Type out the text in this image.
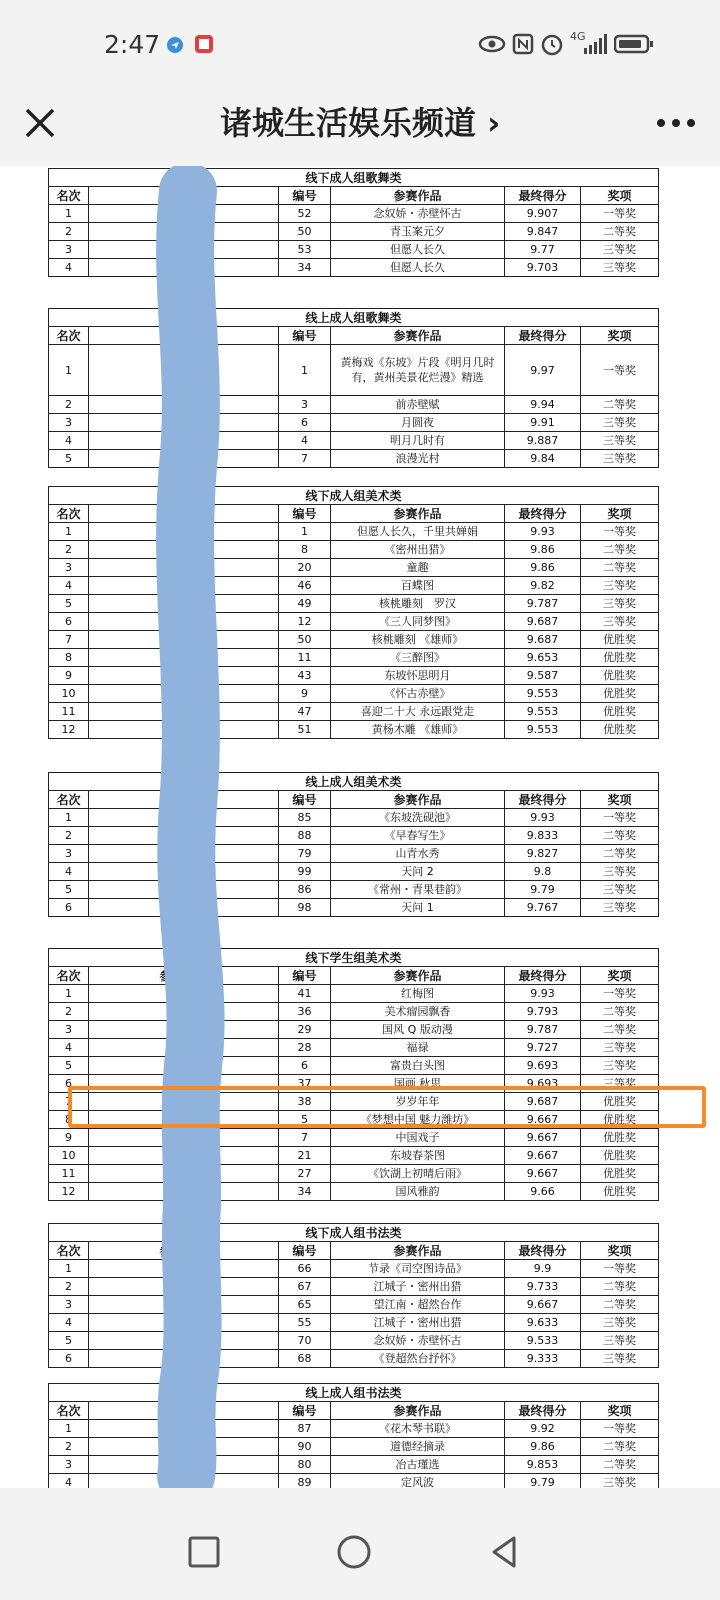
2:47	4G
诸城生活娱乐频道 ›
线下成人组歌舞类					
名次	参赛姓名	编号	参赛作品	最终得分	奖项
1		52	念奴娇・赤壁怀古	9.907	一等奖
2	苏	50	青玉案元夕	9.847	二等奖
3	王	53	但愿人长久	9.77	三等奖
4	旗	34	但愿人长久	9.703	三等奖
线上成人组歌舞类					
名次	参赛姓名	编号	参赛作品	最终得分	奖项
1	湖北	1	黄梅戏《东坡》片段《明月几时有，黄州美景花烂漫》精选	9.97	一等奖
2	黄冈	3	前赤壁赋	9.94	二等奖
3	儋州	6	月圆夜	9.91	三等奖
4	黄冈 校	4	明月几时有	9.887	三等奖
5	儋州	7	浪漫光村	9.84	三等奖
线下成人组美术类					
名次	参赛姓名	编号	参赛作品	最终得分	奖项
1		1	但愿人长久，千里共婵娟	9.93	一等奖
2	张 华	8	《密州出猎》	9.86	二等奖
3		20	童趣	9.86	二等奖
4		46	百蝶图	9.82	三等奖
5		49	核桃雕刻　罗汉	9.787	三等奖
6	王 鑫	12	《三人同梦图》	9.687	三等奖
7		50	核桃雕刻 《雄师》	9.687	优胜奖
8	张 彤	11	《三醉图》	9.653	优胜奖
9		43	东坡怀思明月	9.587	优胜奖
10	张 楝	9	《怀古赤壁》	9.553	优胜奖
11		47	喜迎二十大 永远跟党走	9.553	优胜奖
12		51	黄杨木雕 《雄师》	9.553	优胜奖
线上成人组美术类					
名次	参赛姓名	编号	参赛作品	最终得分	奖项
1	敌	85	《东坡洗砚池》	9.93	一等奖
2	锋	88	《早春写生》	9.833	二等奖
3	华	79	山青水秀	9.827	二等奖
4	宗	99	天问 2	9.8	三等奖
5	羽	86	《常州・青果巷韵》	9.79	三等奖
6	宗	98	天问 1	9.767	三等奖
线下学生组美术类					
名次	参赛姓名	编号	参赛作品	最终得分	奖项
1		41	红梅图	9.93	一等奖
2		36	美术瘤园飘香	9.793	二等奖
3		29	国风 Q 版动漫	9.787	二等奖
4		28	福禄	9.727	三等奖
5	刘霖霖	6	富贵白头图	9.693	三等奖
6	孙悦虹	37	国画 秋思	9.693	三等奖
7	王泽栋	38	岁岁年年	9.687	优胜奖
8	杨颖欣	5	《梦想中国 魅力潍坊》	9.667	优胜奖
9	曹 月	7	中国戏子	9.667	优胜奖
10		21	东坡春茶图	9.667	优胜奖
11		27	《饮湖上初晴后雨》	9.667	优胜奖
12		34	国风雅韵	9.66	优胜奖
线下成人组书法类					
名次	参赛姓名	编号	参赛作品	最终得分	奖项
1	福	66	节录《司空图诗品》	9.9	一等奖
2	青	67	江城子・密州出猎	9.733	二等奖
3	元	65	望江南・超然台作	9.667	二等奖
4	亮	55	江城子・密州出猎	9.633	三等奖
5	言	70	念奴娇・赤壁怀古	9.533	三等奖
6	颖	68	《登超然台抒怀》	9.333	三等奖
线上成人组书法类					
名次	参赛姓名	编号	参赛作品	最终得分	奖项
1	杨旭	87	《花木琴书联》	9.92	一等奖
2	叶宝艳	90	道德经摘录	9.86	二等奖
3	刘俊昆	80	冶古瑾选	9.853	二等奖
4	杨圣山	89	定风波	9.79	三等奖
